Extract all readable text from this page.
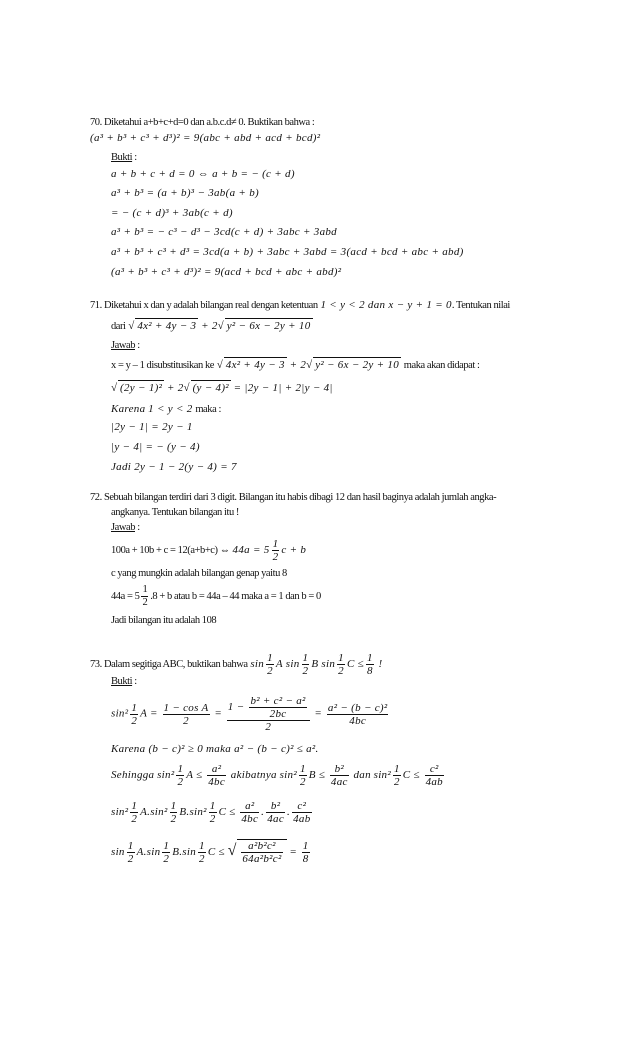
70. Diketahui a+b+c+d=0 dan a.b.c.d≠ 0. Buktikan bahwa :
(a³ + b³ + c³ + d³)² = 9(abc + abd + acd + bcd)²
Bukti :
a + b + c + d = 0 ⇔ a + b = − (c + d)
a³ + b³ = (a + b)³ − 3ab(a + b)
= − (c + d)³ + 3ab(c + d)
a³ + b³ = − c³ − d³ − 3cd(c + d) + 3abc + 3abd
a³ + b³ + c³ + d³ = 3cd(a + b) + 3abc + 3abd = 3(acd + bcd + abc + abd)
(a³ + b³ + c³ + d³)² = 9(acd + bcd + abc + abd)²
71. Diketahui x dan y adalah bilangan real dengan ketentuan 1 < y < 2 dan x − y + 1 = 0. Tentukan nilai
dari √ 4x² + 4y − 3 + 2√ y² − 6x − 2y + 10
Jawab :
x = y – 1 disubstitusikan ke √ 4x² + 4y − 3 + 2√ y² − 6x − 2y + 10 maka akan didapat :
√ (2y − 1)² + 2√ (y − 4)² = |2y − 1| + 2|y − 4|
Karena 1 < y < 2 maka :
|2y − 1| = 2y − 1
|y − 4| = − (y − 4)
Jadi 2y − 1 − 2(y − 4) = 7
72. Sebuah bilangan terdiri dari 3 digit. Bilangan itu habis dibagi 12 dan hasil baginya adalah jumlah angka-
angkanya. Tentukan bilangan itu !
Jawab :
100a + 10b + c = 12(a+b+c) ⇔ $44a = 5 \frac{1}{2}$ c + b
c yang mungkin adalah bilangan genap yaitu 8
$44a = 5 \frac{1}{2} .8 + b$ atau b = 44a – 44 maka a = 1 dan b = 0
Jadi bilangan itu adalah 108
73. Dalam segitiga ABC, buktikan bahwa $\sin \frac{1}{2}$ A $\sin \frac{1}{2}$ B $\sin \frac{1}{2}$ $C \le \frac{1}{8}$ !
Bukti :
$\sin^2 \frac{1}{2}$ $A = \frac{\text{1 − cos A}}{2} = \frac{1 - \frac{\text{b² + c² − a²}}{2bc}}{2} = \frac{\text{a² − (b − c)²}}{4bc}$
Karena (b − c)² ≥ 0 maka a² − (b − c)² ≤ a².
Sehingga $\sin^2 \frac{1}{2}$ $A \le \frac{\text{a²}}{4bc}$ akibatnya $\sin^2 \frac{1}{2}$ $B \le \frac{\text{b²}}{4ac}$ dan $\sin^2 \frac{1}{2}$ $C \le \frac{\text{c²}}{4ab}$
$\sin^2 \frac{1}{2} A.\sin^2 \frac{1}{2} B.\sin^2 \frac{1}{2}$ $C \le \frac{\text{a²}}{4bc}$ . $\frac{\text{b²}}{4ac}$ . $\frac{\text{c²}}{4ab}$
$\sin \frac{1}{2} A.\sin \frac{1}{2} B.\sin \frac{1}{2}$ C ≤ √ $\frac{\text{a²b²c²}}{\text{64a²b²c²}} = \frac{1}{8}$
